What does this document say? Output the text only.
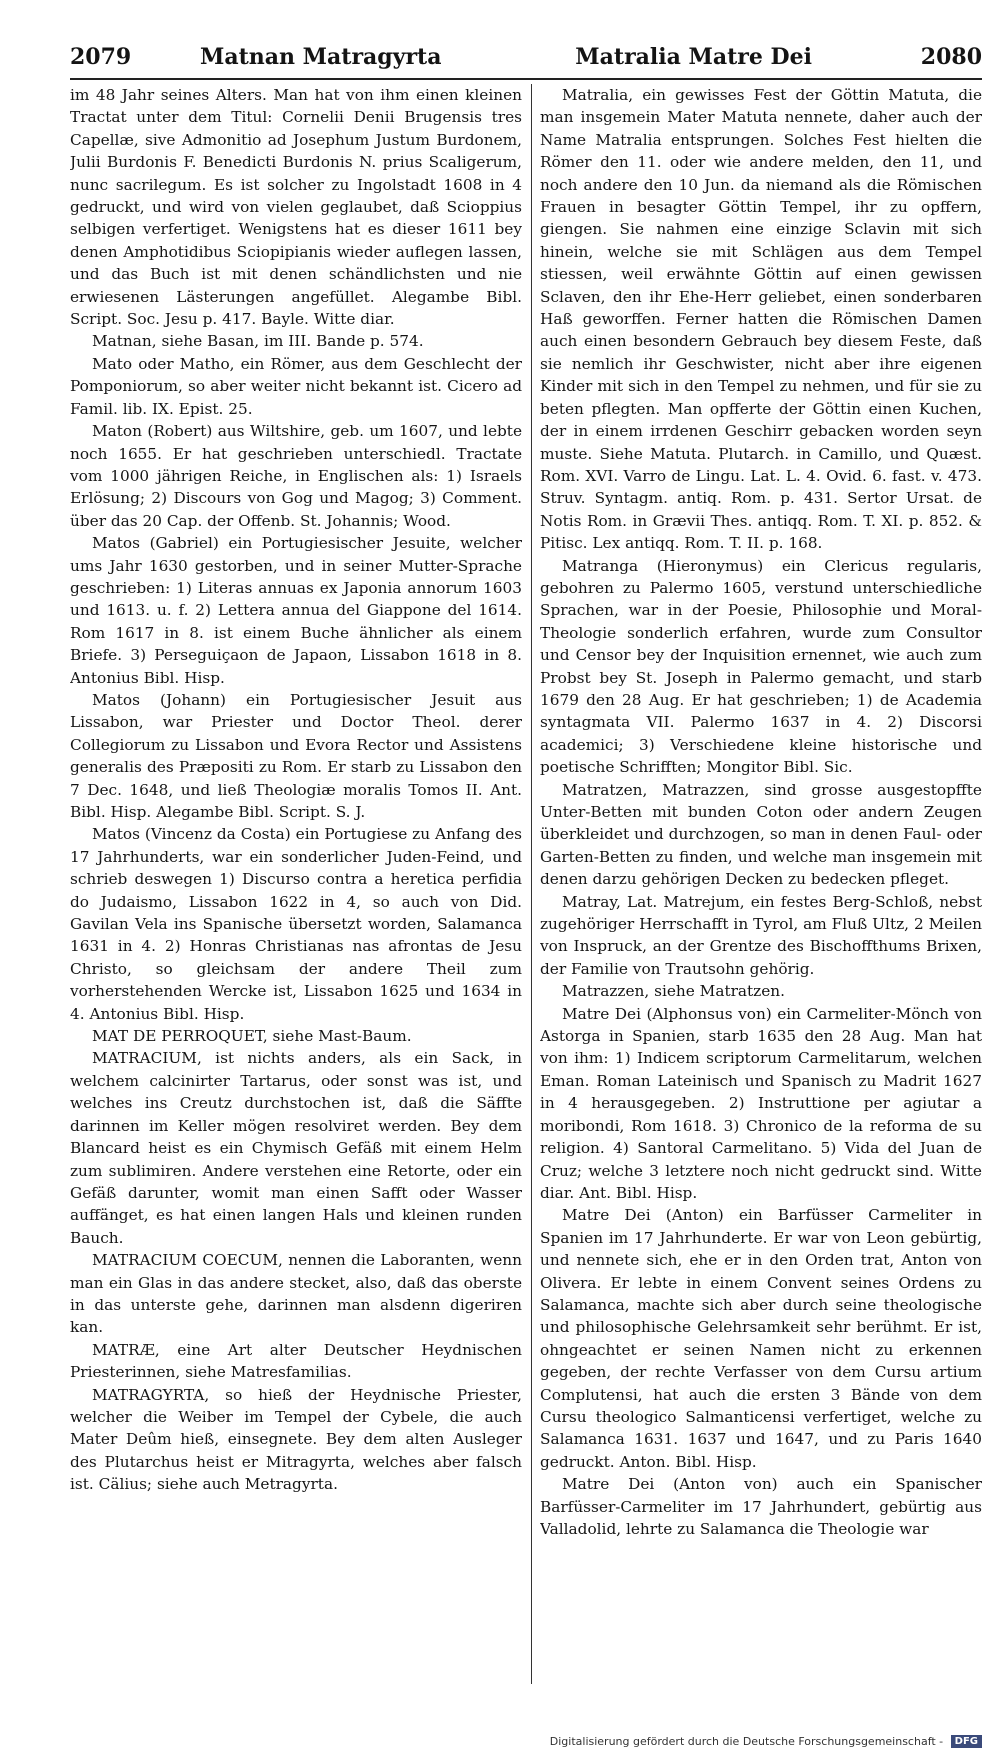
2079	Matnan Matragyrta	Matralia Matre Dei	2080

im 48 Jahr seines Alters. Man hat von ihm einen kleinen Tractat unter dem Titul: Cornelii Denii Brugensis tres Capellæ, sive Admonitio ad Josephum Justum Burdonem, Julii Burdonis F. Benedicti Burdonis N. prius Scaligerum, nunc sacrilegum. Es ist solcher zu Ingolstadt 1608 in 4 gedruckt, und wird von vielen geglaubet, daß Scioppius selbigen verfertiget. Wenigstens hat es dieser 1611 bey denen Amphotidibus Sciopipianis wieder auflegen lassen, und das Buch ist mit denen schändlichsten und nie erwiesenen Lästerungen angefüllet. Alegambe Bibl. Script. Soc. Jesu p. 417. Bayle. Witte diar.

Matnan, siehe Basan, im III. Bande p. 574.

Mato oder Matho, ein Römer, aus dem Geschlecht der Pomponiorum, so aber weiter nicht bekannt ist. Cicero ad Famil. lib. IX. Epist. 25.

Maton (Robert) aus Wiltshire, geb. um 1607, und lebte noch 1655. Er hat geschrieben unterschiedl. Tractate vom 1000 jährigen Reiche, in Englischen als: 1) Israels Erlösung; 2) Discours von Gog und Magog; 3) Comment. über das 20 Cap. der Offenb. St. Johannis; Wood.

Matos (Gabriel) ein Portugiesischer Jesuite, welcher ums Jahr 1630 gestorben, und in seiner Mutter-Sprache geschrieben: 1) Literas annuas ex Japonia annorum 1603 und 1613. u. f. 2) Lettera annua del Giappone del 1614. Rom 1617 in 8. ist einem Buche ähnlicher als einem Briefe. 3) Perseguiçaon de Japaon, Lissabon 1618 in 8. Antonius Bibl. Hisp.

Matos (Johann) ein Portugiesischer Jesuit aus Lissabon, war Priester und Doctor Theol. derer Collegiorum zu Lissabon und Evora Rector und Assistens generalis des Præpositi zu Rom. Er starb zu Lissabon den 7 Dec. 1648, und ließ Theologiæ moralis Tomos II. Ant. Bibl. Hisp. Alegambe Bibl. Script. S. J.

Matos (Vincenz da Costa) ein Portugiese zu Anfang des 17 Jahrhunderts, war ein sonderlicher Juden-Feind, und schrieb deswegen 1) Discurso contra a heretica perfidia do Judaismo, Lissabon 1622 in 4, so auch von Did. Gavilan Vela ins Spanische übersetzt worden, Salamanca 1631 in 4. 2) Honras Christianas nas afrontas de Jesu Christo, so gleichsam der andere Theil zum vorherstehenden Wercke ist, Lissabon 1625 und 1634 in 4. Antonius Bibl. Hisp.

MAT DE PERROQUET, siehe Mast-Baum.

MATRACIUM, ist nichts anders, als ein Sack, in welchem calcinirter Tartarus, oder sonst was ist, und welches ins Creutz durchstochen ist, daß die Säffte darinnen im Keller mögen resolviret werden. Bey dem Blancard heist es ein Chymisch Gefäß mit einem Helm zum sublimiren. Andere verstehen eine Retorte, oder ein Gefäß darunter, womit man einen Safft oder Wasser auffänget, es hat einen langen Hals und kleinen runden Bauch.

MATRACIUM COECUM, nennen die Laboranten, wenn man ein Glas in das andere stecket, also, daß das oberste in das unterste gehe, darinnen man alsdenn digeriren kan.

MATRÆ, eine Art alter Deutscher Heydnischen Priesterinnen, siehe Matresfamilias.

MATRAGYRTA, so hieß der Heydnische Priester, welcher die Weiber im Tempel der Cybele, die auch Mater Deûm hieß, einsegnete. Bey dem alten Ausleger des Plutarchus heist er Mitragyrta, welches aber falsch ist. Cälius; siehe auch Metragyrta.

Matralia, ein gewisses Fest der Göttin Matuta, die man insgemein Mater Matuta nennete, daher auch der Name Matralia entsprungen. Solches Fest hielten die Römer den 11. oder wie andere melden, den 11, und noch andere den 10 Jun. da niemand als die Römischen Frauen in besagter Göttin Tempel, ihr zu opffern, giengen. Sie nahmen eine einzige Sclavin mit sich hinein, welche sie mit Schlägen aus dem Tempel stiessen, weil erwähnte Göttin auf einen gewissen Sclaven, den ihr Ehe-Herr geliebet, einen sonderbaren Haß geworffen. Ferner hatten die Römischen Damen auch einen besondern Gebrauch bey diesem Feste, daß sie nemlich ihr Geschwister, nicht aber ihre eigenen Kinder mit sich in den Tempel zu nehmen, und für sie zu beten pflegten. Man opfferte der Göttin einen Kuchen, der in einem irrdenen Geschirr gebacken worden seyn muste. Siehe Matuta. Plutarch. in Camillo, und Quæst. Rom. XVI. Varro de Lingu. Lat. L. 4. Ovid. 6. fast. v. 473. Struv. Syntagm. antiq. Rom. p. 431. Sertor Ursat. de Notis Rom. in Grævii Thes. antiqq. Rom. T. XI. p. 852. & Pitisc. Lex antiqq. Rom. T. II. p. 168.

Matranga (Hieronymus) ein Clericus regularis, gebohren zu Palermo 1605, verstund unterschiedliche Sprachen, war in der Poesie, Philosophie und Moral-Theologie sonderlich erfahren, wurde zum Consultor und Censor bey der Inquisition ernennet, wie auch zum Probst bey St. Joseph in Palermo gemacht, und starb 1679 den 28 Aug. Er hat geschrieben; 1) de Academia syntagmata VII. Palermo 1637 in 4. 2) Discorsi academici; 3) Verschiedene kleine historische und poetische Schrifften; Mongitor Bibl. Sic.

Matratzen, Matrazzen, sind grosse ausgestopffte Unter-Betten mit bunden Coton oder andern Zeugen überkleidet und durchzogen, so man in denen Faul- oder Garten-Betten zu finden, und welche man insgemein mit denen darzu gehörigen Decken zu bedecken pfleget.

Matray, Lat. Matrejum, ein festes Berg-Schloß, nebst zugehöriger Herrschafft in Tyrol, am Fluß Ultz, 2 Meilen von Inspruck, an der Grentze des Bischoffthums Brixen, der Familie von Trautsohn gehörig.

Matrazzen, siehe Matratzen.

Matre Dei (Alphonsus von) ein Carmeliter-Mönch von Astorga in Spanien, starb 1635 den 28 Aug. Man hat von ihm: 1) Indicem scriptorum Carmelitarum, welchen Eman. Roman Lateinisch und Spanisch zu Madrit 1627 in 4 herausgegeben. 2) Instruttione per agiutar a moribondi, Rom 1618. 3) Chronico de la reforma de su religion. 4) Santoral Carmelitano. 5) Vida del Juan de Cruz; welche 3 letztere noch nicht gedruckt sind. Witte diar. Ant. Bibl. Hisp.

Matre Dei (Anton) ein Barfüsser Carmeliter in Spanien im 17 Jahrhunderte. Er war von Leon gebürtig, und nennete sich, ehe er in den Orden trat, Anton von Olivera. Er lebte in einem Convent seines Ordens zu Salamanca, machte sich aber durch seine theologische und philosophische Gelehrsamkeit sehr berühmt. Er ist, ohngeachtet er seinen Namen nicht zu erkennen gegeben, der rechte Verfasser von dem Cursu artium Complutensi, hat auch die ersten 3 Bände von dem Cursu theologico Salmanticensi verfertiget, welche zu Salamanca 1631. 1637 und 1647, und zu Paris 1640 gedruckt. Anton. Bibl. Hisp.

Matre Dei (Anton von) auch ein Spanischer Barfüsser-Carmeliter im 17 Jahrhundert, gebürtig aus Valladolid, lehrte zu Salamanca die Theologie war

Digitalisierung gefördert durch die Deutsche Forschungsgemeinschaft - DFG
